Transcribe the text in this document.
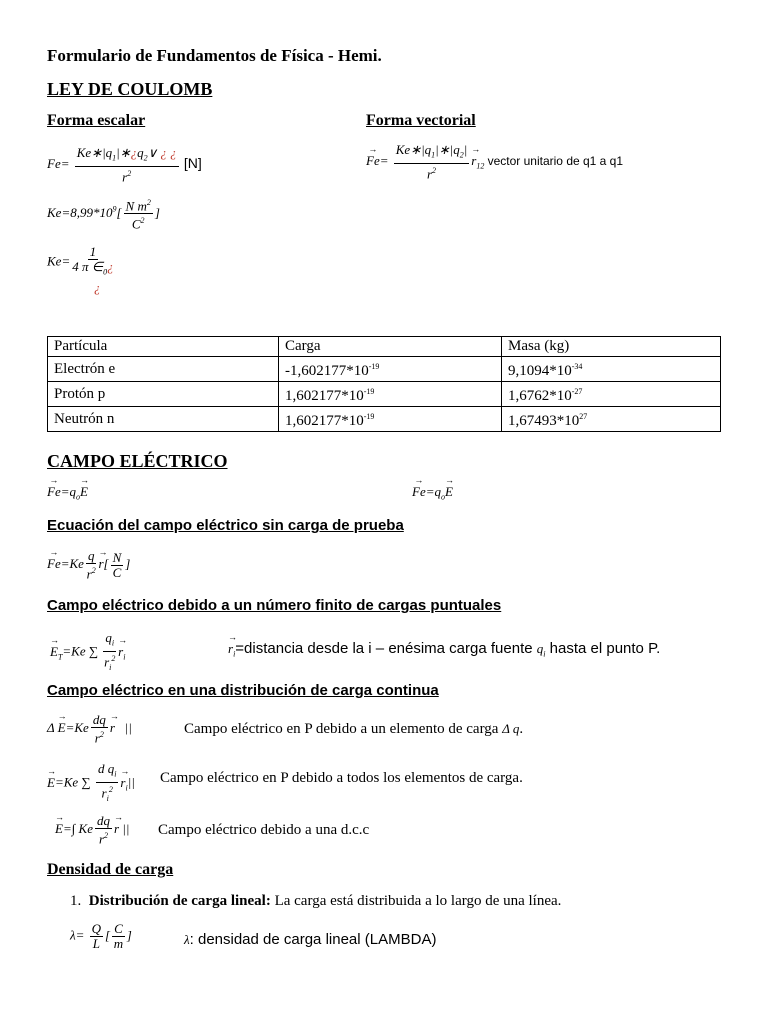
Formulario de Fundamentos de Física - Hemi.
LEY DE COULOMB
Forma escalar	Forma vectorial
$Fe= \frac{Ke∗|q_1|∗¿q_2\vee ¿ ¿}{r^2} [N]$	→ $Fe= \frac{Ke∗|q_1|∗|q_2|}{r^2} \to r_{12}$ vector unitario de q1 a q1
$Ke=8,99*10^9[ \frac{N m^2}{C^2}$ ]
$Ke= \frac{1}{4 \pi \in_0¿}$
¿
Partícula	Carga	Masa (kg)
Electrón e	$-1,602177*10^{-19}$	$9,1094*10^{-34}$
Protón p	$1,602177*10^{-19}$	$1,6762*10^{-27}$
Neutrón n	$1,602177*10^{-19}$	$1,67493*10^{27}$
CAMPO ELÉCTRICO
→ $Fe=q_o\to E$	→ $Fe=q_o\to E$
Ecuación del campo eléctrico sin carga de prueba
→ $Fe=Ke \frac{q}{r^2} \to r[ \frac{N}{C}$ ]
Campo eléctrico debido a un número finito de cargas puntuales
→ $E_T=Ke$ ∑ $\frac{q_i}{r_i^2} \to r_i$
→ $r_i=distancia$ desde la i – enésima carga fuente $q_i$ hasta el punto P.
Campo eléctrico en una distribución de carga continua
$\Delta \to E=Ke \frac{dq}{r^2} \to r$   ||	Campo eléctrico en P debido a un elemento de carga Δ q.
→ E=Ke ∑ $\frac{d q_i}{r_i^2} \to r_i||$ Campo eléctrico en P debido a todos los elementos de carga.
→ E=∫ Ke $\frac{dq}{r^2} \to r$ || Campo eléctrico debido a una d.c.c
Densidad de carga
1.  Distribución de carga lineal: La carga está distribuida a lo largo de una línea.
$\lambda= \frac{Q}{L}$ [ $\frac{C}{m}$ ]	λ: densidad de carga lineal (LAMBDA)
